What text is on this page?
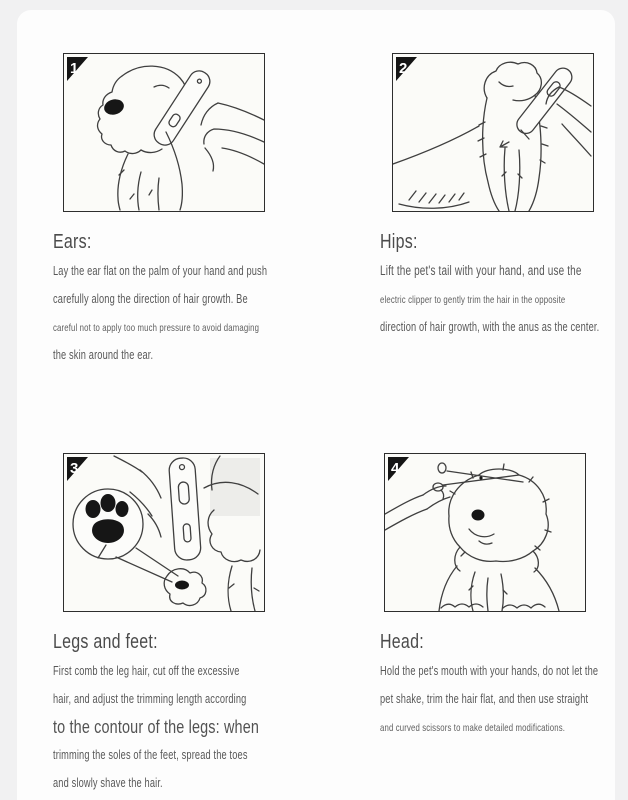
1
Ears:

Lay the ear flat on the palm of your hand and push

carefully along the direction of hair growth. Be

careful not to apply too much pressure to avoid damaging

the skin around the ear.

2
Hips:

Lift the pet's tail with your hand, and use the

electric clipper to gently trim the hair in the opposite

direction of hair growth, with the anus as the center.

3
Legs and feet:

First comb the leg hair, cut off the excessive

hair, and adjust the trimming length according

to the contour of the legs: when

trimming the soles of the feet, spread the toes

and slowly shave the hair.

4
Head:

Hold the pet's mouth with your hands, do not let the

pet shake, trim the hair flat, and then use straight

and curved scissors to make detailed modifications.
